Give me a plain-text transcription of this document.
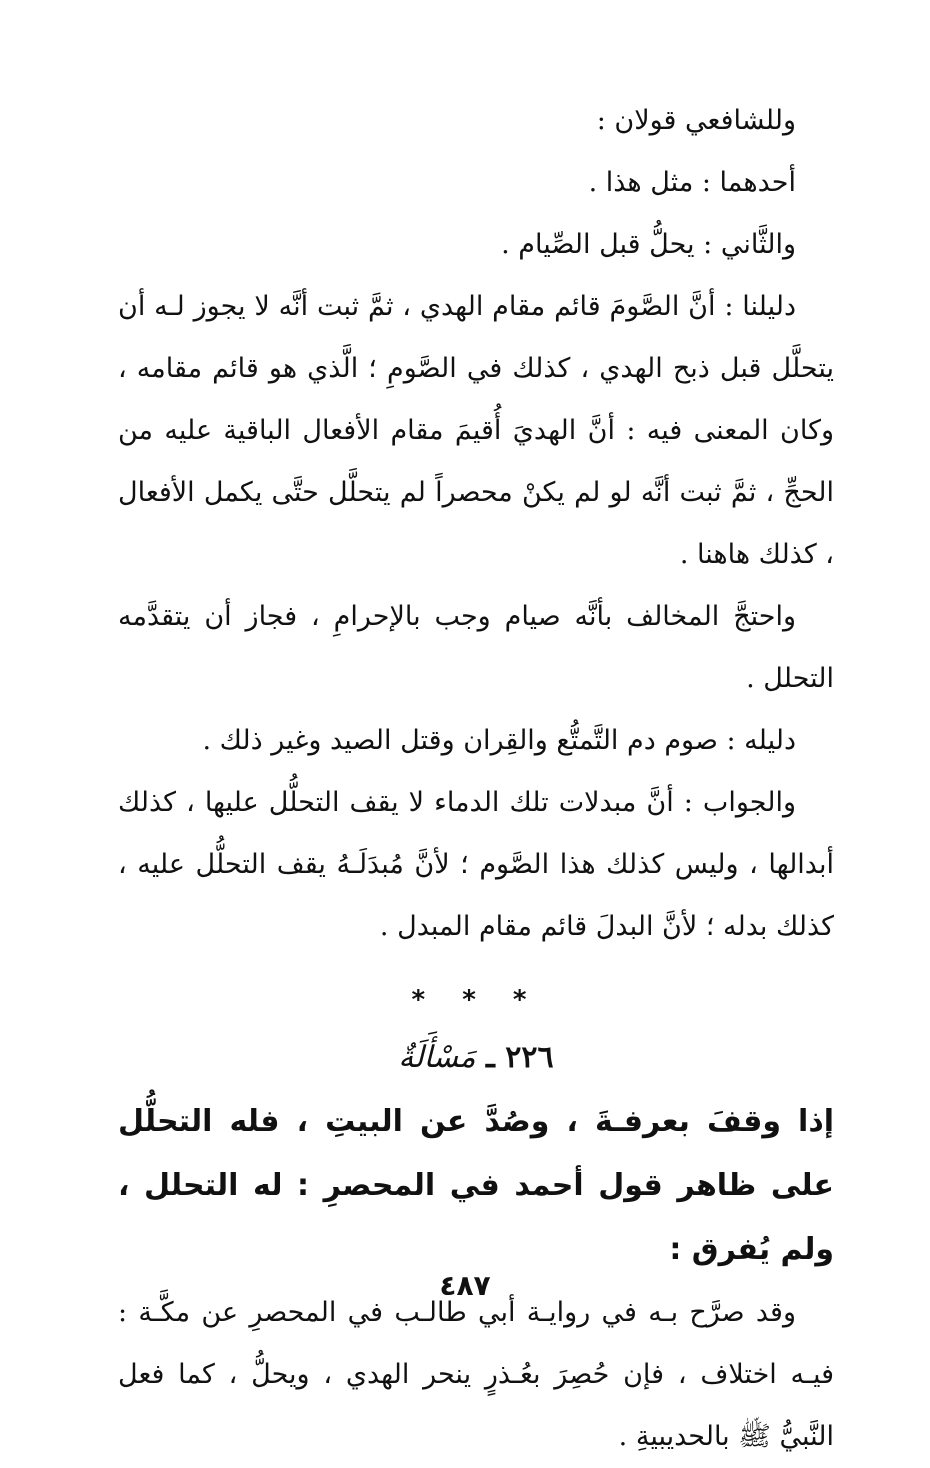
وللشافعي قولان :
أحدهما : مثل هذا .
والثَّاني : يحلُّ قبل الصِّيام .
دليلنا : أنَّ الصَّومَ قائم مقام الهدي ، ثمَّ ثبت أنَّه لا يجوز لـه أن يتحلَّل قبل ذبح الهدي ، كذلك في الصَّومِ ؛ الَّذي هو قائم مقامه ، وكان المعنى فيه : أنَّ الهديَ أُقيمَ مقام الأفعال الباقية عليه من الحجِّ ، ثمَّ ثبت أنَّه لو لم يكنْ محصراً لم يتحلَّل حتَّى يكمل الأفعال ، كذلك هاهنا .
واحتجَّ المخالف بأنَّه صيام وجب بالإحرامِ ، فجاز أن يتقدَّمه التحلل .
دليله : صوم دم التَّمتُّع والقِران وقتل الصيد وغير ذلك .
والجواب : أنَّ مبدلات تلك الدماء لا يقف التحلُّل عليها ، كذلك أبدالها ، وليس كذلك هذا الصَّوم ؛ لأنَّ مُبدَلَـهُ يقف التحلُّل عليه ، كذلك بدله ؛ لأنَّ البدلَ قائم مقام المبدل .
* * *
٢٢٦ ـ مَسْأَلَةٌ
إذا وقفَ بعرفـةَ ، وصُدَّ عن البيتِ ، فله التحلُّل على ظاهر قول أحمد في المحصرِ : له التحلل ، ولم يُفرق :
وقد صرَّح بـه في روايـة أبي طالـب في المحصرِ عن مكَّـة : فيـه اختلاف ، فإن حُصِرَ بعُـذرٍ ينحر الهدي ، ويحلُّ ، كما فعل النَّبيُّ ﷺ بالحديبيةِ .
٤٨٧
